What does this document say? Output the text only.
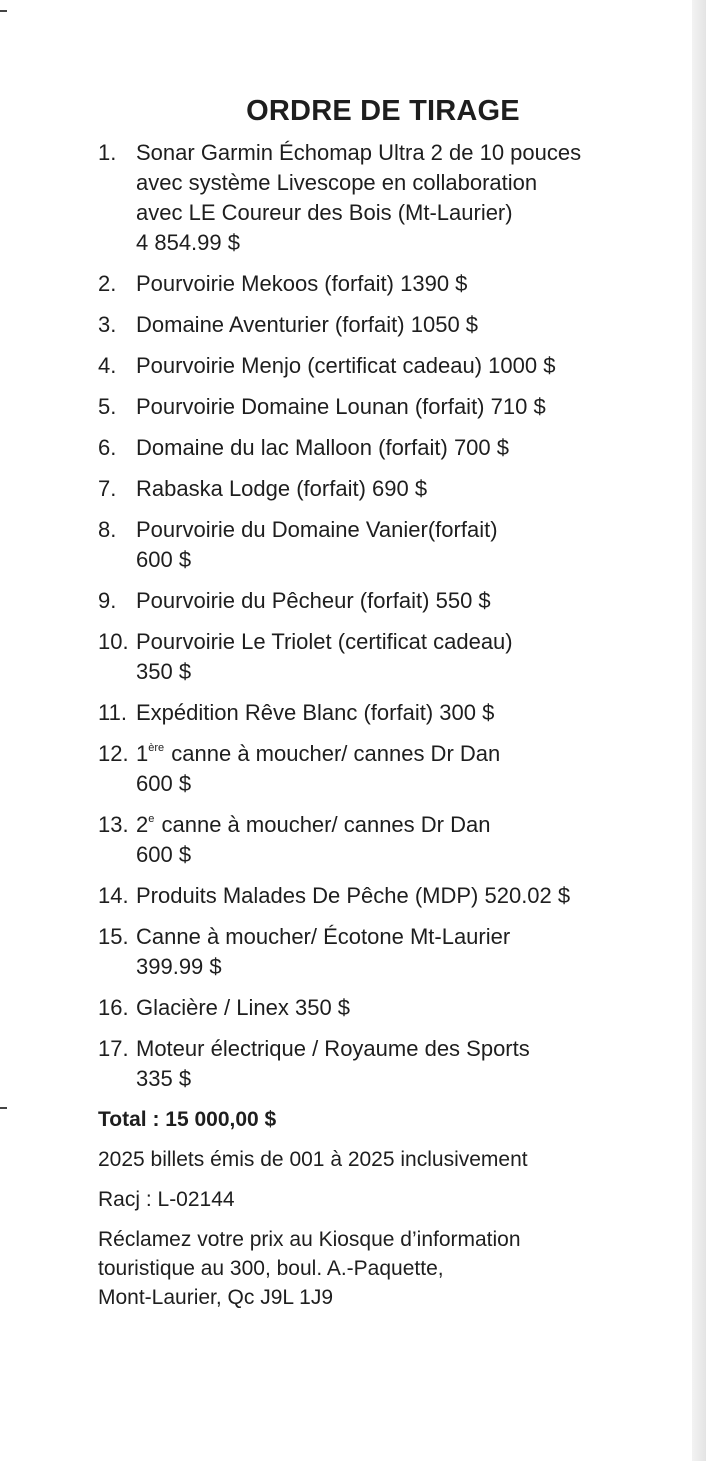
ORDRE DE TIRAGE
1. Sonar Garmin Échomap Ultra 2 de 10 pouces
avec système Livescope en collaboration
avec LE Coureur des Bois (Mt-Laurier)
4 854.99 $
2. Pourvoirie Mekoos (forfait) 1390 $
3. Domaine Aventurier (forfait) 1050 $
4. Pourvoirie Menjo (certificat cadeau) 1000 $
5. Pourvoirie Domaine Lounan (forfait) 710 $
6. Domaine du lac Malloon (forfait) 700 $
7. Rabaska Lodge (forfait) 690 $
8. Pourvoirie du Domaine Vanier(forfait)
600 $
9. Pourvoirie du Pêcheur (forfait) 550 $
10. Pourvoirie Le Triolet (certificat cadeau)
350 $
11. Expédition Rêve Blanc (forfait) 300 $
12. 1ère canne à moucher/ cannes Dr Dan
600 $
13. 2e canne à moucher/ cannes Dr Dan
600 $
14. Produits Malades De Pêche (MDP) 520.02 $
15. Canne à moucher/ Écotone Mt-Laurier
399.99 $
16. Glacière / Linex 350 $
17. Moteur électrique / Royaume des Sports
335 $

Total : 15 000,00 $

2025 billets émis de 001 à 2025 inclusivement

Racj : L-02144

Réclamez votre prix au Kiosque d’information
touristique au 300, boul. A.-Paquette,
Mont-Laurier, Qc J9L 1J9
